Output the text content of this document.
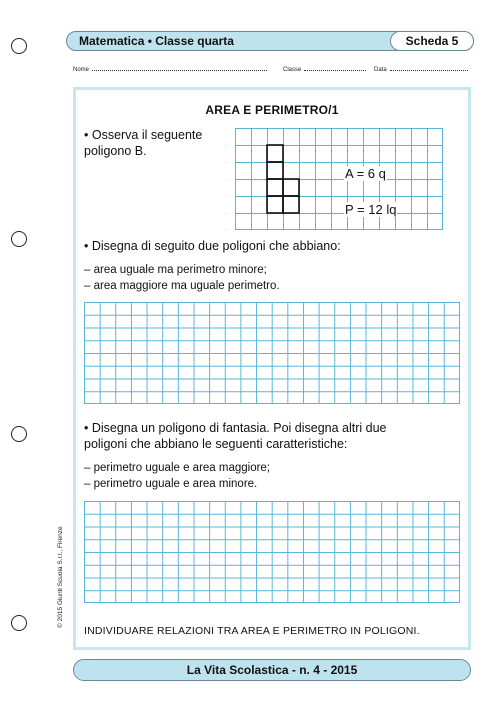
Matematica • Classe quarta	Scheda 5
Nome	Classe	Data
AREA E PERIMETRO/1
• Osserva il seguente
poligono B.
A = 6 q
P = 12 lq
• Disegna di seguito due poligoni che abbiano:
– area uguale ma perimetro minore;
– area maggiore ma uguale perimetro.
• Disegna un poligono di fantasia. Poi disegna altri due
poligoni che abbiano le seguenti caratteristiche:
– perimetro uguale e area maggiore;
– perimetro uguale e area minore.
INDIVIDUARE RELAZIONI TRA AREA E PERIMETRO IN POLIGONI.
La Vita Scolastica - n. 4 - 2015
© 2015 Giunti Scuola S.r.l., Firenze
